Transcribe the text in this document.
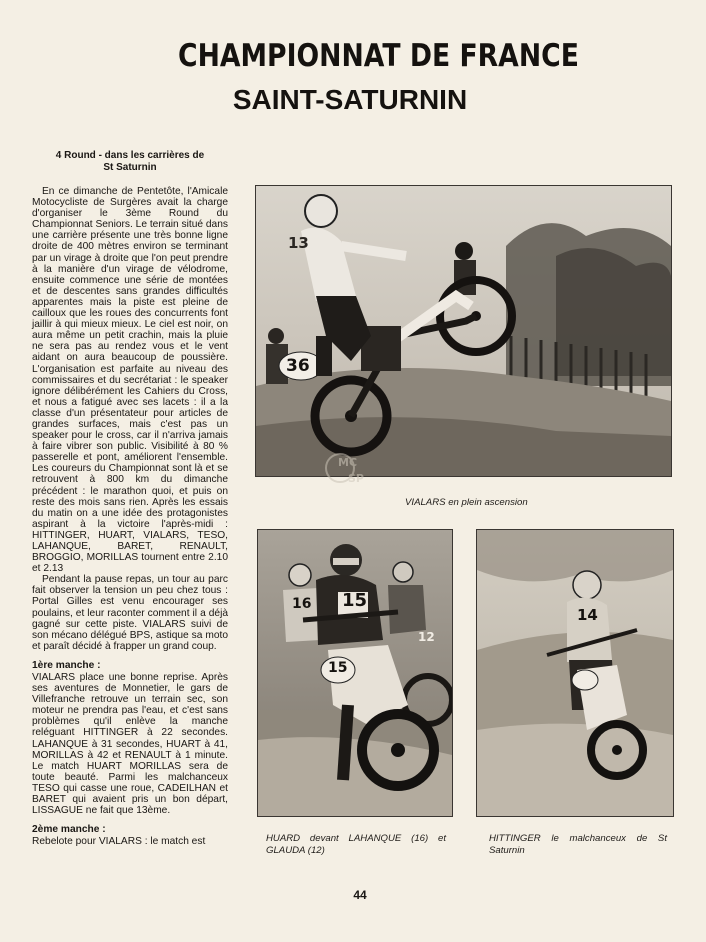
CHAMPIONNAT DE FRANCE
SAINT-SATURNIN
4 Round - dans les carrières de
St Saturnin

En ce dimanche de Pentetôte, l'Amicale Motocycliste de Surgères avait la charge d'organiser le 3ème Round du Championnat Seniors. Le terrain situé dans une carrière présente une très bonne ligne droite de 400 mètres environ se terminant par un virage à droite que l'on peut prendre à la manière d'un virage de vélodrome, ensuite commence une série de montées et de descentes sans grandes difficultés apparentes mais la piste est pleine de cailloux que les roues des concurrents font jaillir à qui mieux mieux. Le ciel est noir, on aura même un petit crachin, mais la pluie ne sera pas au rendez vous et le vent aidant on aura beaucoup de poussière. L'organisation est parfaite au niveau des commissaires et du secrétariat : le speaker ignore délibérément les Cahiers du Cross, et nous a fatigué avec ses lacets : il a la classe d'un présentateur pour articles de grandes surfaces, mais c'est pas un speaker pour le cross, car il n'arriva jamais à faire vibrer son public. Visibilité à 80 % passerelle et pont, améliorent l'ensemble. Les coureurs du Championnat sont là et se retrouvent à 800 km du dimanche précédent : le marathon quoi, et puis on reste des mois sans rien. Après les essais du matin on a une idée des protagonistes aspirant à la victoire l'après-midi : HITTINGER, HUART, VIALARS, TESO, LAHANQUE, BARET, RENAULT, BROGGIO, MORILLAS tournent entre 2.10 et 2.13

Pendant la pause repas, un tour au parc fait observer la tension un peu chez tous : Portal Gilles est venu encourager ses poulains, et leur raconter comment il a déjà gagné sur cette piste. VIALARS suivi de son mécano délégué BPS, astique sa moto et paraît décidé à frapper un grand coup.

1ère manche :

VIALARS place une bonne reprise. Après ses aventures de Monnetier, le gars de Villefranche retrouve un terrain sec, son moteur ne prendra pas l'eau, et c'est sans problèmes qu'il enlève la manche reléguant HITTINGER à 22 secondes. LAHANQUE à 31 secondes, HUART à 41, MORILLAS à 42 et RENAULT à 1 minute. Le match HUART MORILLAS sera de toute beauté. Parmi les malchanceux TESO qui casse une roue, CADEILHAN et BARET qui avaient pris un bon départ, LISSAGUE ne fait que 13ème.

2ème manche :

Rebelote pour VIALARS : le match est

13
36
VIALARS en plein ascension
MC
SP
15
15
16
12
HUARD devant LAHANQUE (16) et GLAUDA (12)
14
HITTINGER le malchanceux de St Saturnin
44
